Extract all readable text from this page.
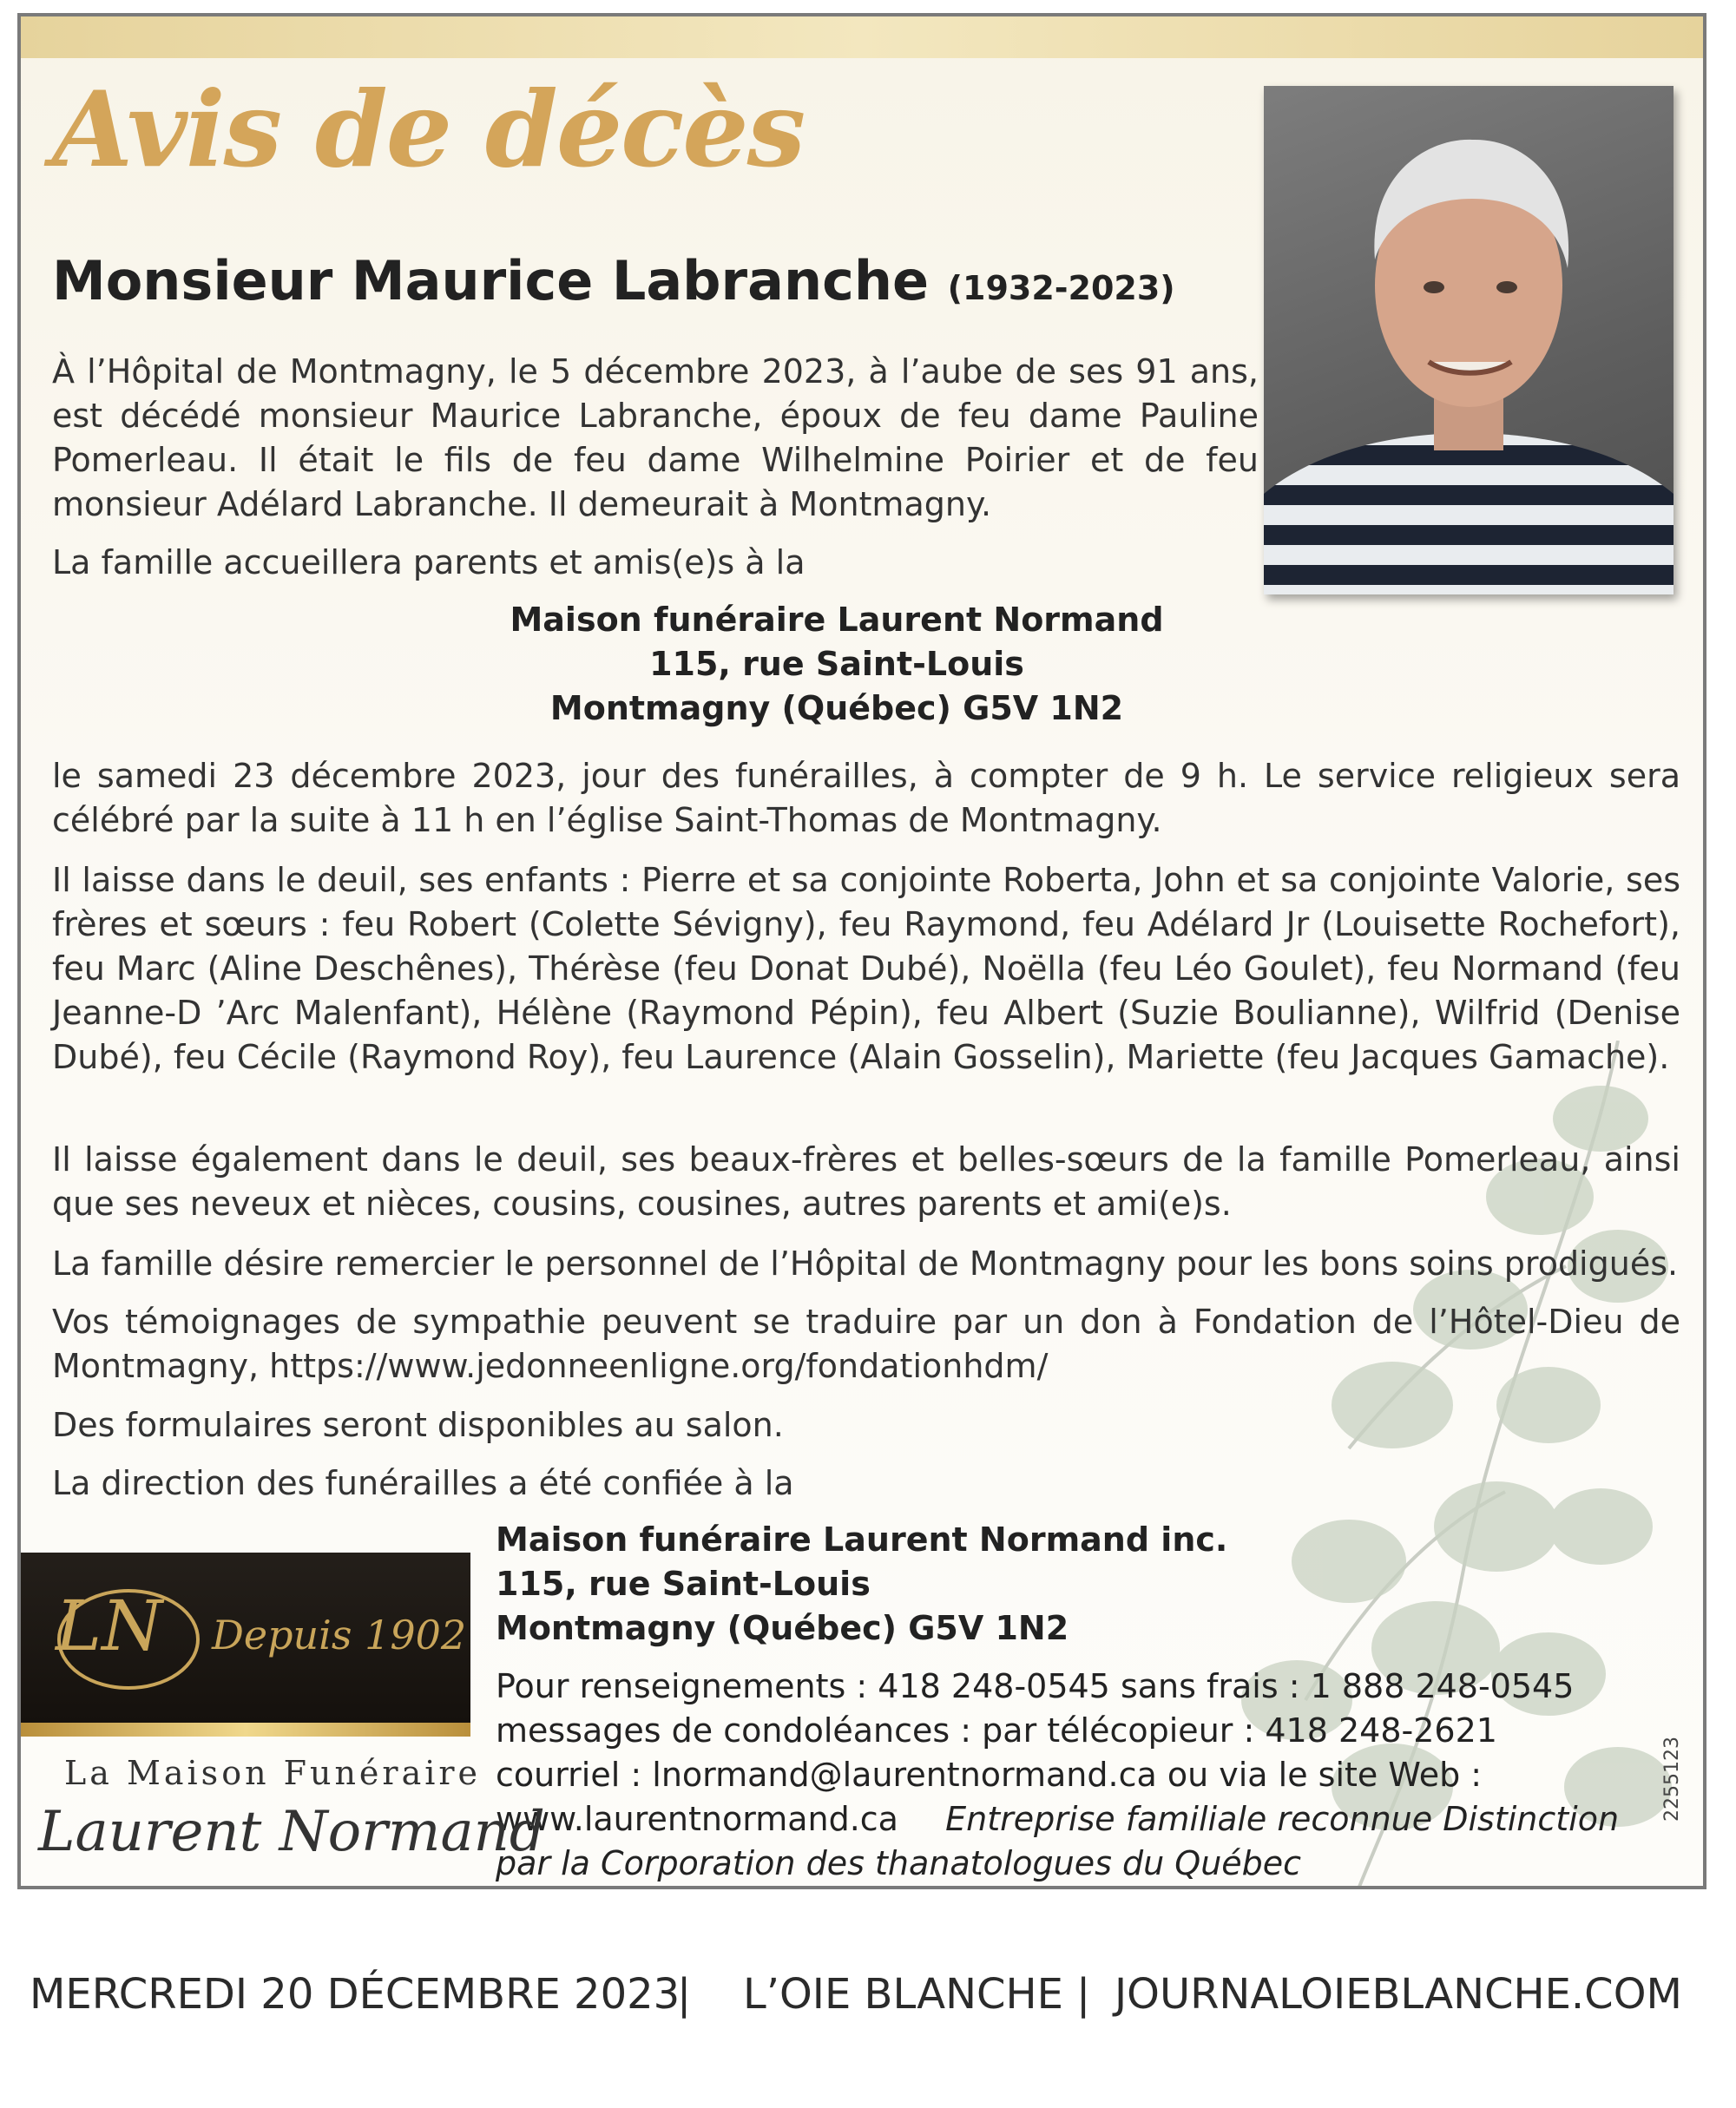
Avis de décès
Monsieur Maurice Labranche (1932-2023)
À l’Hôpital de Montmagny, le 5 décembre 2023, à l’aube de ses 91 ans, est décédé monsieur Maurice Labranche, époux de feu dame Pauline Pomerleau. Il était le fils de feu dame Wilhelmine Poirier et de feu monsieur Adélard Labranche. Il demeurait à Montmagny.
La famille accueillera parents et amis(e)s à la
Maison funéraire Laurent Normand
115, rue Saint-Louis
Montmagny (Québec) G5V 1N2
le samedi 23 décembre 2023, jour des funérailles, à compter de 9 h. Le service religieux sera célébré par la suite à 11 h en l’église Saint-Thomas de Montmagny.
Il laisse dans le deuil, ses enfants : Pierre et sa conjointe Roberta, John et sa conjointe Valorie, ses frères et sœurs : feu Robert (Colette Sévigny), feu Raymond, feu Adélard Jr (Louisette Rochefort), feu Marc (Aline Deschênes), Thérèse (feu Donat Dubé), Noëlla (feu Léo Goulet), feu Normand (feu Jeanne-D ’Arc Malenfant), Hélène (Raymond Pépin), feu Albert (Suzie Boulianne), Wilfrid (Denise Dubé), feu Cécile (Raymond Roy), feu Laurence (Alain Gosselin), Mariette (feu Jacques Gamache).
Il laisse également dans le deuil, ses beaux-frères et belles-sœurs de la famille Pomerleau, ainsi que ses neveux et nièces, cousins, cousines, autres parents et ami(e)s.
La famille désire remercier le personnel de l’Hôpital de Montmagny pour les bons soins prodigués.
Vos témoignages de sympathie peuvent se traduire par un don à Fondation de l’Hôtel-Dieu de Montmagny, https://www.jedonneenligne.org/fondationhdm/
Des formulaires seront disponibles au salon.
La direction des funérailles a été confiée à la
Maison funéraire Laurent Normand inc.
115, rue Saint-Louis
Montmagny (Québec) G5V 1N2
Pour renseignements : 418 248-0545 sans frais : 1 888 248-0545
messages de condoléances : par télécopieur : 418 248-2621
courriel : lnormand@laurentnormand.ca ou via le site Web :
www.laurentnormand.ca Entreprise familiale reconnue Distinction par la Corporation des thanatologues du Québec
LN Depuis 1902
La Maison Funéraire
Laurent Normand
2255123
MERCREDI 20 DÉCEMBRE 2023
| L’OIE BLANCHE | JOURNALOIEBLANCHE.COM
